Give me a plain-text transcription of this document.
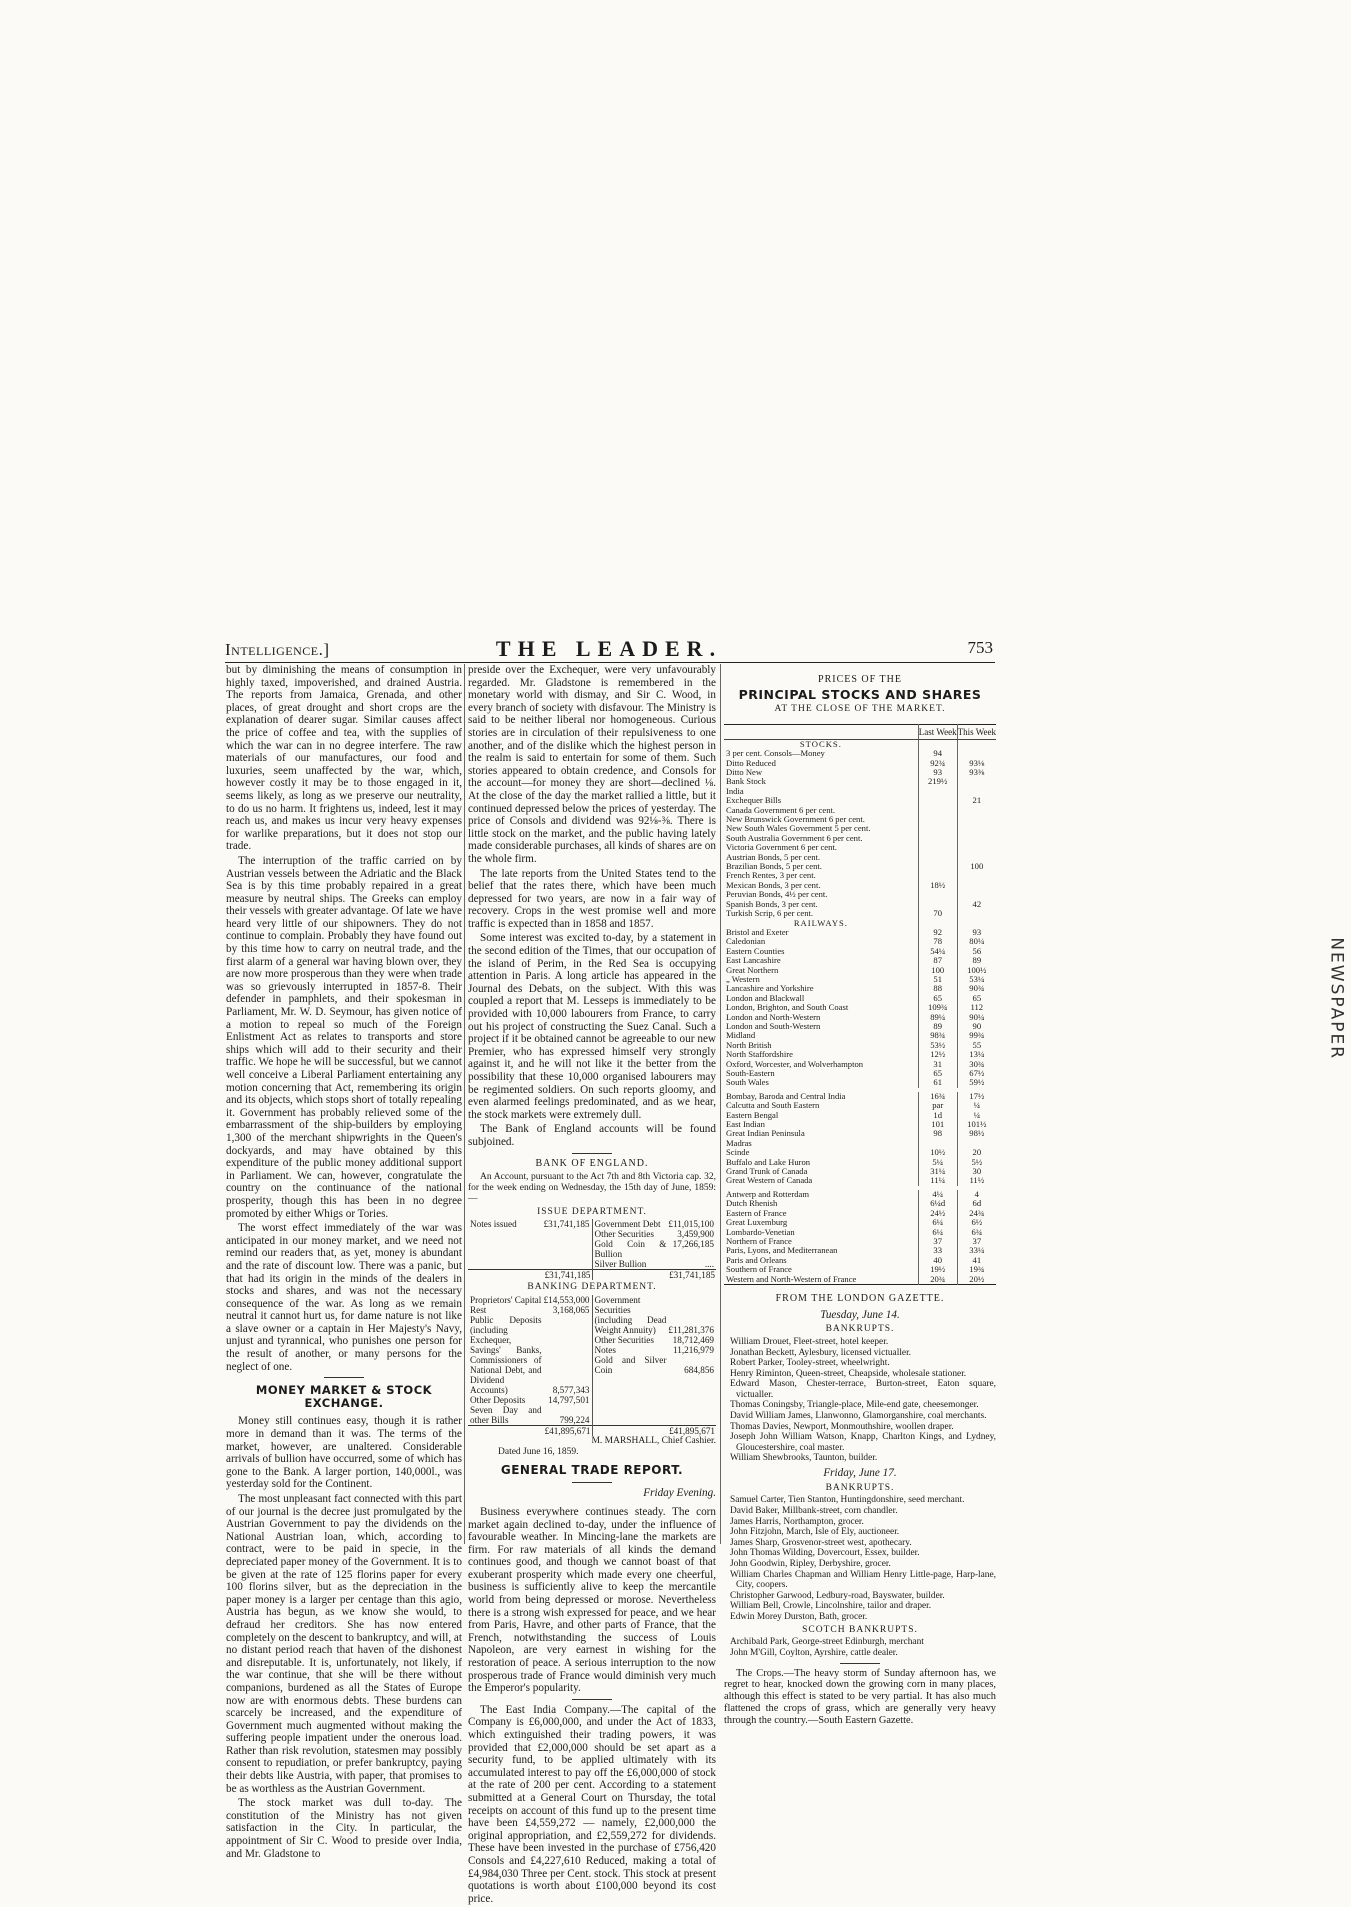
Intelligence.]	THE LEADER.	753

but by diminishing the means of consumption in highly taxed, impoverished, and drained Austria. The reports from Jamaica, Grenada, and other places, of great drought and short crops are the explanation of dearer sugar. Similar causes affect the price of coffee and tea, with the supplies of which the war can in no degree interfere. The raw materials of our manufactures, our food and luxuries, seem unaffected by the war, which, however costly it may be to those engaged in it, seems likely, as long as we preserve our neutrality, to do us no harm. It frightens us, indeed, lest it may reach us, and makes us incur very heavy expenses for warlike preparations, but it does not stop our trade.

The interruption of the traffic carried on by Austrian vessels between the Adriatic and the Black Sea is by this time probably repaired in a great measure by neutral ships. The Greeks can employ their vessels with greater advantage. Of late we have heard very little of our shipowners. They do not continue to complain. Probably they have found out by this time how to carry on neutral trade, and the first alarm of a general war having blown over, they are now more prosperous than they were when trade was so grievously interrupted in 1857-8. Their defender in pamphlets, and their spokesman in Parliament, Mr. W. D. Seymour, has given notice of a motion to repeal so much of the Foreign Enlistment Act as relates to transports and store ships which will add to their security and their traffic. We hope he will be successful, but we cannot well conceive a Liberal Parliament entertaining any motion concerning that Act, remembering its origin and its objects, which stops short of totally repealing it. Government has probably relieved some of the embarrassment of the ship-builders by employing 1,300 of the merchant shipwrights in the Queen's dockyards, and may have obtained by this expenditure of the public money additional support in Parliament. We can, however, congratulate the country on the continuance of the national prosperity, though this has been in no degree promoted by either Whigs or Tories.

The worst effect immediately of the war was anticipated in our money market, and we need not remind our readers that, as yet, money is abundant and the rate of discount low. There was a panic, but that had its origin in the minds of the dealers in stocks and shares, and was not the necessary consequence of the war. As long as we remain neutral it cannot hurt us, for dame nature is not like a slave owner or a captain in Her Majesty's Navy, unjust and tyrannical, who punishes one person for the result of another, or many persons for the neglect of one.

MONEY MARKET & STOCK EXCHANGE.

Money still continues easy, though it is rather more in demand than it was. The terms of the market, however, are unaltered. Considerable arrivals of bullion have occurred, some of which has gone to the Bank. A larger portion, 140,000l., was yesterday sold for the Continent.

The most unpleasant fact connected with this part of our journal is the decree just promulgated by the Austrian Government to pay the dividends on the National Austrian loan, which, according to contract, were to be paid in specie, in the depreciated paper money of the Government. It is to be given at the rate of 125 florins paper for every 100 florins silver, but as the depreciation in the paper money is a larger per centage than this agio, Austria has begun, as we know she would, to defraud her creditors. She has now entered completely on the descent to bankruptcy, and will, at no distant period reach that haven of the dishonest and disreputable. It is, unfortunately, not likely, if the war continue, that she will be there without companions, burdened as all the States of Europe now are with enormous debts. These burdens can scarcely be increased, and the expenditure of Government much augmented without making the suffering people impatient under the onerous load. Rather than risk revolution, statesmen may possibly consent to repudiation, or prefer bankruptcy, paying their debts like Austria, with paper, that promises to be as worthless as the Austrian Government.

The stock market was dull to-day. The constitution of the Ministry has not given satisfaction in the City. In particular, the appointment of Sir C. Wood to preside over India, and Mr. Gladstone to

preside over the Exchequer, were very unfavourably regarded. Mr. Gladstone is remembered in the monetary world with dismay, and Sir C. Wood, in every branch of society with disfavour. The Ministry is said to be neither liberal nor homogeneous. Curious stories are in circulation of their repulsiveness to one another, and of the dislike which the highest person in the realm is said to entertain for some of them. Such stories appeared to obtain credence, and Consols for the account—for money they are short—declined ⅛. At the close of the day the market rallied a little, but it continued depressed below the prices of yesterday. The price of Consols and dividend was 92⅛-⅜. There is little stock on the market, and the public having lately made considerable purchases, all kinds of shares are on the whole firm.

The late reports from the United States tend to the belief that the rates there, which have been much depressed for two years, are now in a fair way of recovery. Crops in the west promise well and more traffic is expected than in 1858 and 1857.

Some interest was excited to-day, by a statement in the second edition of the Times, that our occupation of the island of Perim, in the Red Sea is occupying attention in Paris. A long article has appeared in the Journal des Debats, on the subject. With this was coupled a report that M. Lesseps is immediately to be provided with 10,000 labourers from France, to carry out his project of constructing the Suez Canal. Such a project if it be obtained cannot be agreeable to our new Premier, who has expressed himself very strongly against it, and he will not like it the better from the possibility that these 10,000 organised labourers may be regimented soldiers. On such reports gloomy, and even alarmed feelings predominated, and as we hear, the stock markets were extremely dull.

The Bank of England accounts will be found subjoined.

BANK OF ENGLAND.

An Account, pursuant to the Act 7th and 8th Victoria cap. 32, for the week ending on Wednesday, the 15th day of June, 1859:—

ISSUE DEPARTMENT.
Notes issued	£31,741,185
	Government Debt	£11,015,100
Other Securities	3,459,900
Gold Coin & Bullion	17,266,185
Silver Bullion	....

£31,741,185	£31,741,185
BANKING DEPARTMENT.
Proprietors' Capital	£14,553,000
Rest	3,168,065
Public Deposits (including Exchequer, Savings' Banks, Commissioners of National Debt, and Dividend Accounts)	8,577,343
Other Deposits	14,797,501
Seven Day and other Bills	799,224

Government Securities (including Dead Weight Annuity)	£11,281,376
Other Securities	18,712,469
Notes	11,216,979
Gold and Silver Coin	684,856

£41,895,671	£41,895,671
M. MARSHALL, Chief Cashier.
Dated June 16, 1859.
GENERAL TRADE REPORT.
Friday Evening.

Business everywhere continues steady. The corn market again declined to-day, under the influence of favourable weather. In Mincing-lane the markets are firm. For raw materials of all kinds the demand continues good, and though we cannot boast of that exuberant prosperity which made every one cheerful, business is sufficiently alive to keep the mercantile world from being depressed or morose. Nevertheless there is a strong wish expressed for peace, and we hear from Paris, Havre, and other parts of France, that the French, notwithstanding the success of Louis Napoleon, are very earnest in wishing for the restoration of peace. A serious interruption to the now prosperous trade of France would diminish very much the Emperor's popularity.

The East India Company.—The capital of the Company is £6,000,000, and under the Act of 1833, which extinguished their trading powers, it was provided that £2,000,000 should be set apart as a security fund, to be applied ultimately with its accumulated interest to pay off the £6,000,000 of stock at the rate of 200 per cent. According to a statement submitted at a General Court on Thursday, the total receipts on account of this fund up to the present time have been £4,559,272 — namely, £2,000,000 the original appropriation, and £2,559,272 for dividends. These have been invested in the purchase of £756,420 Consols and £4,227,610 Reduced, making a total of £4,984,030 Three per Cent. stock. This stock at present quotations is worth about £100,000 beyond its cost price.

PRICES OF THE
PRINCIPAL STOCKS AND SHARES
AT THE CLOSE OF THE MARKET.
	Last Week	This Week
STOCKS.		
3 per cent. Consols—Money	94	
Ditto Reduced	92¾	93⅛
Ditto New	93	93⅜
Bank Stock	219½	
India		
Exchequer Bills		21
Canada Government 6 per cent.		
New Brunswick Government 6 per cent.		
New South Wales Government 5 per cent.		
South Australia Government 6 per cent.		
Victoria Government 6 per cent.		
Austrian Bonds, 5 per cent.		
Brazilian Bonds, 5 per cent.		100
French Rentes, 3 per cent.		
Mexican Bonds, 3 per cent.	18½	
Peruvian Bonds, 4½ per cent.		
Spanish Bonds, 3 per cent.		42
Turkish Scrip, 6 per cent.	70	
RAILWAYS.		
Bristol and Exeter	92	93
Caledonian	78	80¼
Eastern Counties	54¼	56
East Lancashire	87	89
Great Northern	100	100½
„ Western	51	53¼
Lancashire and Yorkshire	88	90¾
London and Blackwall	65	65
London, Brighton, and South Coast	109¾	112
London and North-Western	89¼	90¼
London and South-Western	89	90
Midland	98¾	99¾
North British	53½	55
North Staffordshire	12½	13¼
Oxford, Worcester, and Wolverhampton	31	30¾
South-Eastern	65	67½
South Wales	61	59½
Bombay, Baroda and Central India	16¾	17½
Calcutta and South Eastern	par	¼
Eastern Bengal	1d	¼
East Indian	101	101½
Great Indian Peninsula	98	98½
Madras		
Scinde	10½	20
Buffalo and Lake Huron	5¼	5½
Grand Trunk of Canada	31¼	30
Great Western of Canada	11¼	11½
Antwerp and Rotterdam	4¼	4
Dutch Rhenish	6¼d	6d
Eastern of France	24½	24¾
Great Luxemburg	6¼	6½
Lombardo-Venetian	6¼	6¾
Northern of France	37	37
Paris, Lyons, and Mediterranean	33	33¼
Paris and Orleans	40	41
Southern of France	19½	19¾
Western and North-Western of France	20¾	20½
FROM THE LONDON GAZETTE.
Tuesday, June 14.
BANKRUPTS.

William Drouet, Fleet-street, hotel keeper.

Jonathan Beckett, Aylesbury, licensed victualler.

Robert Parker, Tooley-street, wheelwright.

Henry Riminton, Queen-street, Cheapside, wholesale stationer.

Edward Mason, Chester-terrace, Burton-street, Eaton square, victualler.

Thomas Coningsby, Triangle-place, Mile-end gate, cheesemonger.

David William James, Llanwonno, Glamorganshire, coal merchants.

Thomas Davies, Newport, Monmouthshire, woollen draper.

Joseph John William Watson, Knapp, Charlton Kings, and Lydney, Gloucestershire, coal master.

William Shewbrooks, Taunton, builder.

Friday, June 17.
BANKRUPTS.

Samuel Carter, Tien Stanton, Huntingdonshire, seed merchant.

David Baker, Millbank-street, corn chandler.

James Harris, Northampton, grocer.

John Fitzjohn, March, Isle of Ely, auctioneer.

James Sharp, Grosvenor-street west, apothecary.

John Thomas Wilding, Dovercourt, Essex, builder.

John Goodwin, Ripley, Derbyshire, grocer.

William Charles Chapman and William Henry Little-page, Harp-lane, City, coopers.

Christopher Garwood, Ledbury-road, Bayswater, builder.

William Bell, Crowle, Lincolnshire, tailor and draper.

Edwin Morey Durston, Bath, grocer.

SCOTCH BANKRUPTS.

Archibald Park, George-street Edinburgh, merchant

John M'Gill, Coylton, Ayrshire, cattle dealer.

The Crops.—The heavy storm of Sunday afternoon has, we regret to hear, knocked down the growing corn in many places, although this effect is stated to be very partial. It has also much flattened the crops of grass, which are generally very heavy through the country.—South Eastern Gazette.

NEWSPAPER
